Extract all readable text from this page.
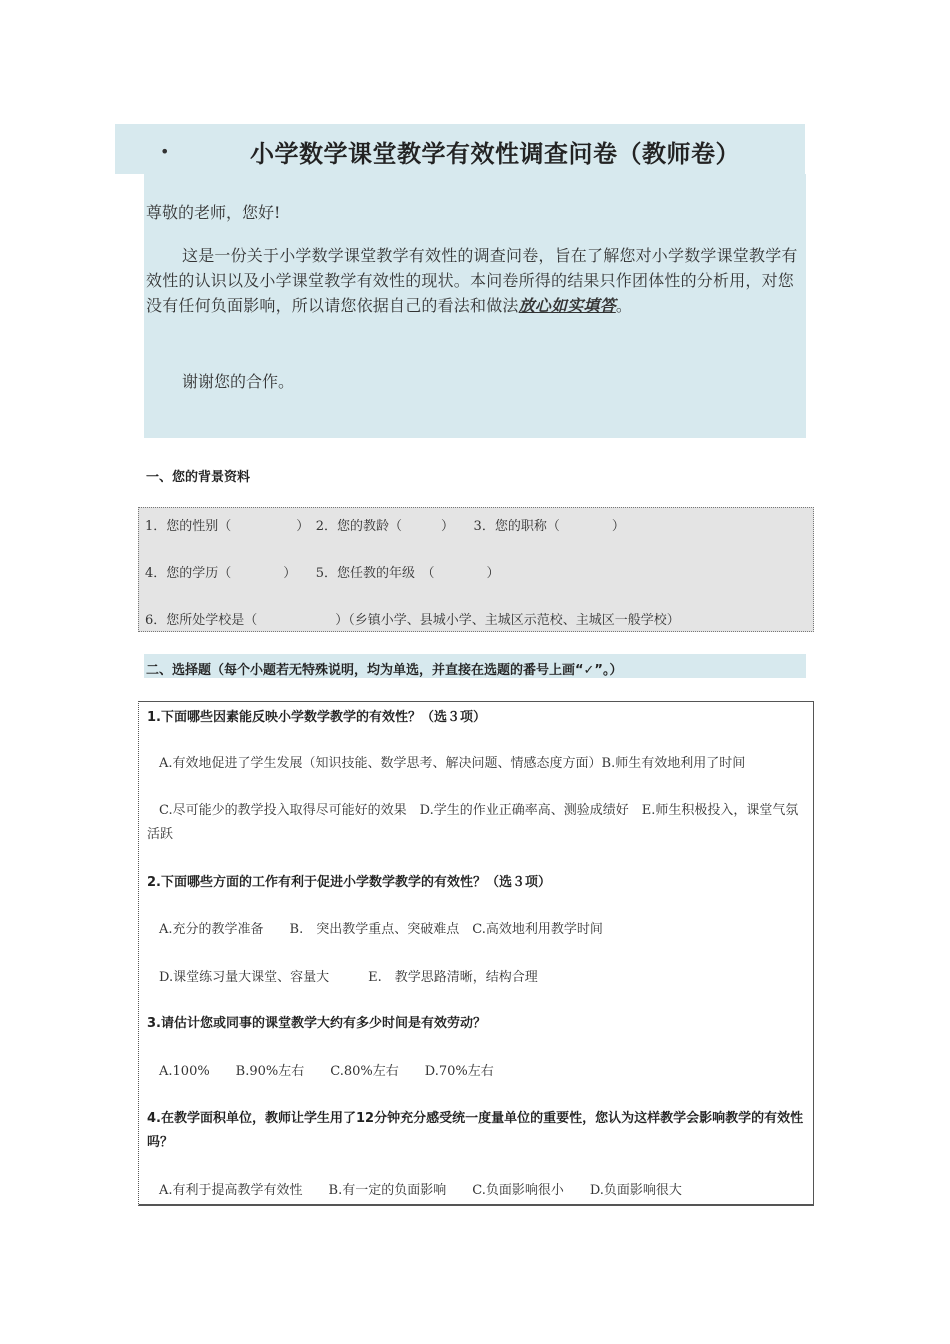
•	小学数学课堂教学有效性调查问卷（教师卷）

尊敬的老师，您好!

这是一份关于小学数学课堂教学有效性的调查问卷，旨在了解您对小学数学课堂教学有效性的认识以及小学课堂教学有效性的现状。本问卷所得的结果只作团体性的分析用，对您没有任何负面影响，所以请您依据自己的看法和做法放心如实填答。

谢谢您的合作。

一、您的背景资料
1．您的性别（　　　　　）　2．您的教龄（　　　）　　3．您的职称（　　　　）
4．您的学历（　　　　）　　5．您任教的年级　（　　　　）
6．您所处学校是（　　　　　　）（乡镇小学、县城小学、主城区示范校、主城区一般学校）
二、选择题（每个小题若无特殊说明，均为单选，并直接在选题的番号上画“✓”。）
1.下面哪些因素能反映小学数学教学的有效性？（选３项）
A.有效地促进了学生发展（知识技能、数学思考、解决问题、情感态度方面）B.师生有效地利用了时间
C.尽可能少的教学投入取得尽可能好的效果　D.学生的作业正确率高、测验成绩好　E.师生积极投入，课堂气氛活跃
2.下面哪些方面的工作有利于促进小学数学教学的有效性？（选３项）
A.充分的教学准备　　B.　突出教学重点、突破难点　C.高效地利用教学时间
D.课堂练习量大课堂、容量大　　　E.　教学思路清晰，结构合理
3.请估计您或同事的课堂教学大约有多少时间是有效劳动？
A.100%　　B.90%左右　　C.80%左右　　D.70%左右
4.在教学面积单位，教师让学生用了12分钟充分感受统一度量单位的重要性，您认为这样教学会影响教学的有效性吗？
A.有利于提高教学有效性　　B.有一定的负面影响　　C.负面影响很小　　D.负面影响很大
